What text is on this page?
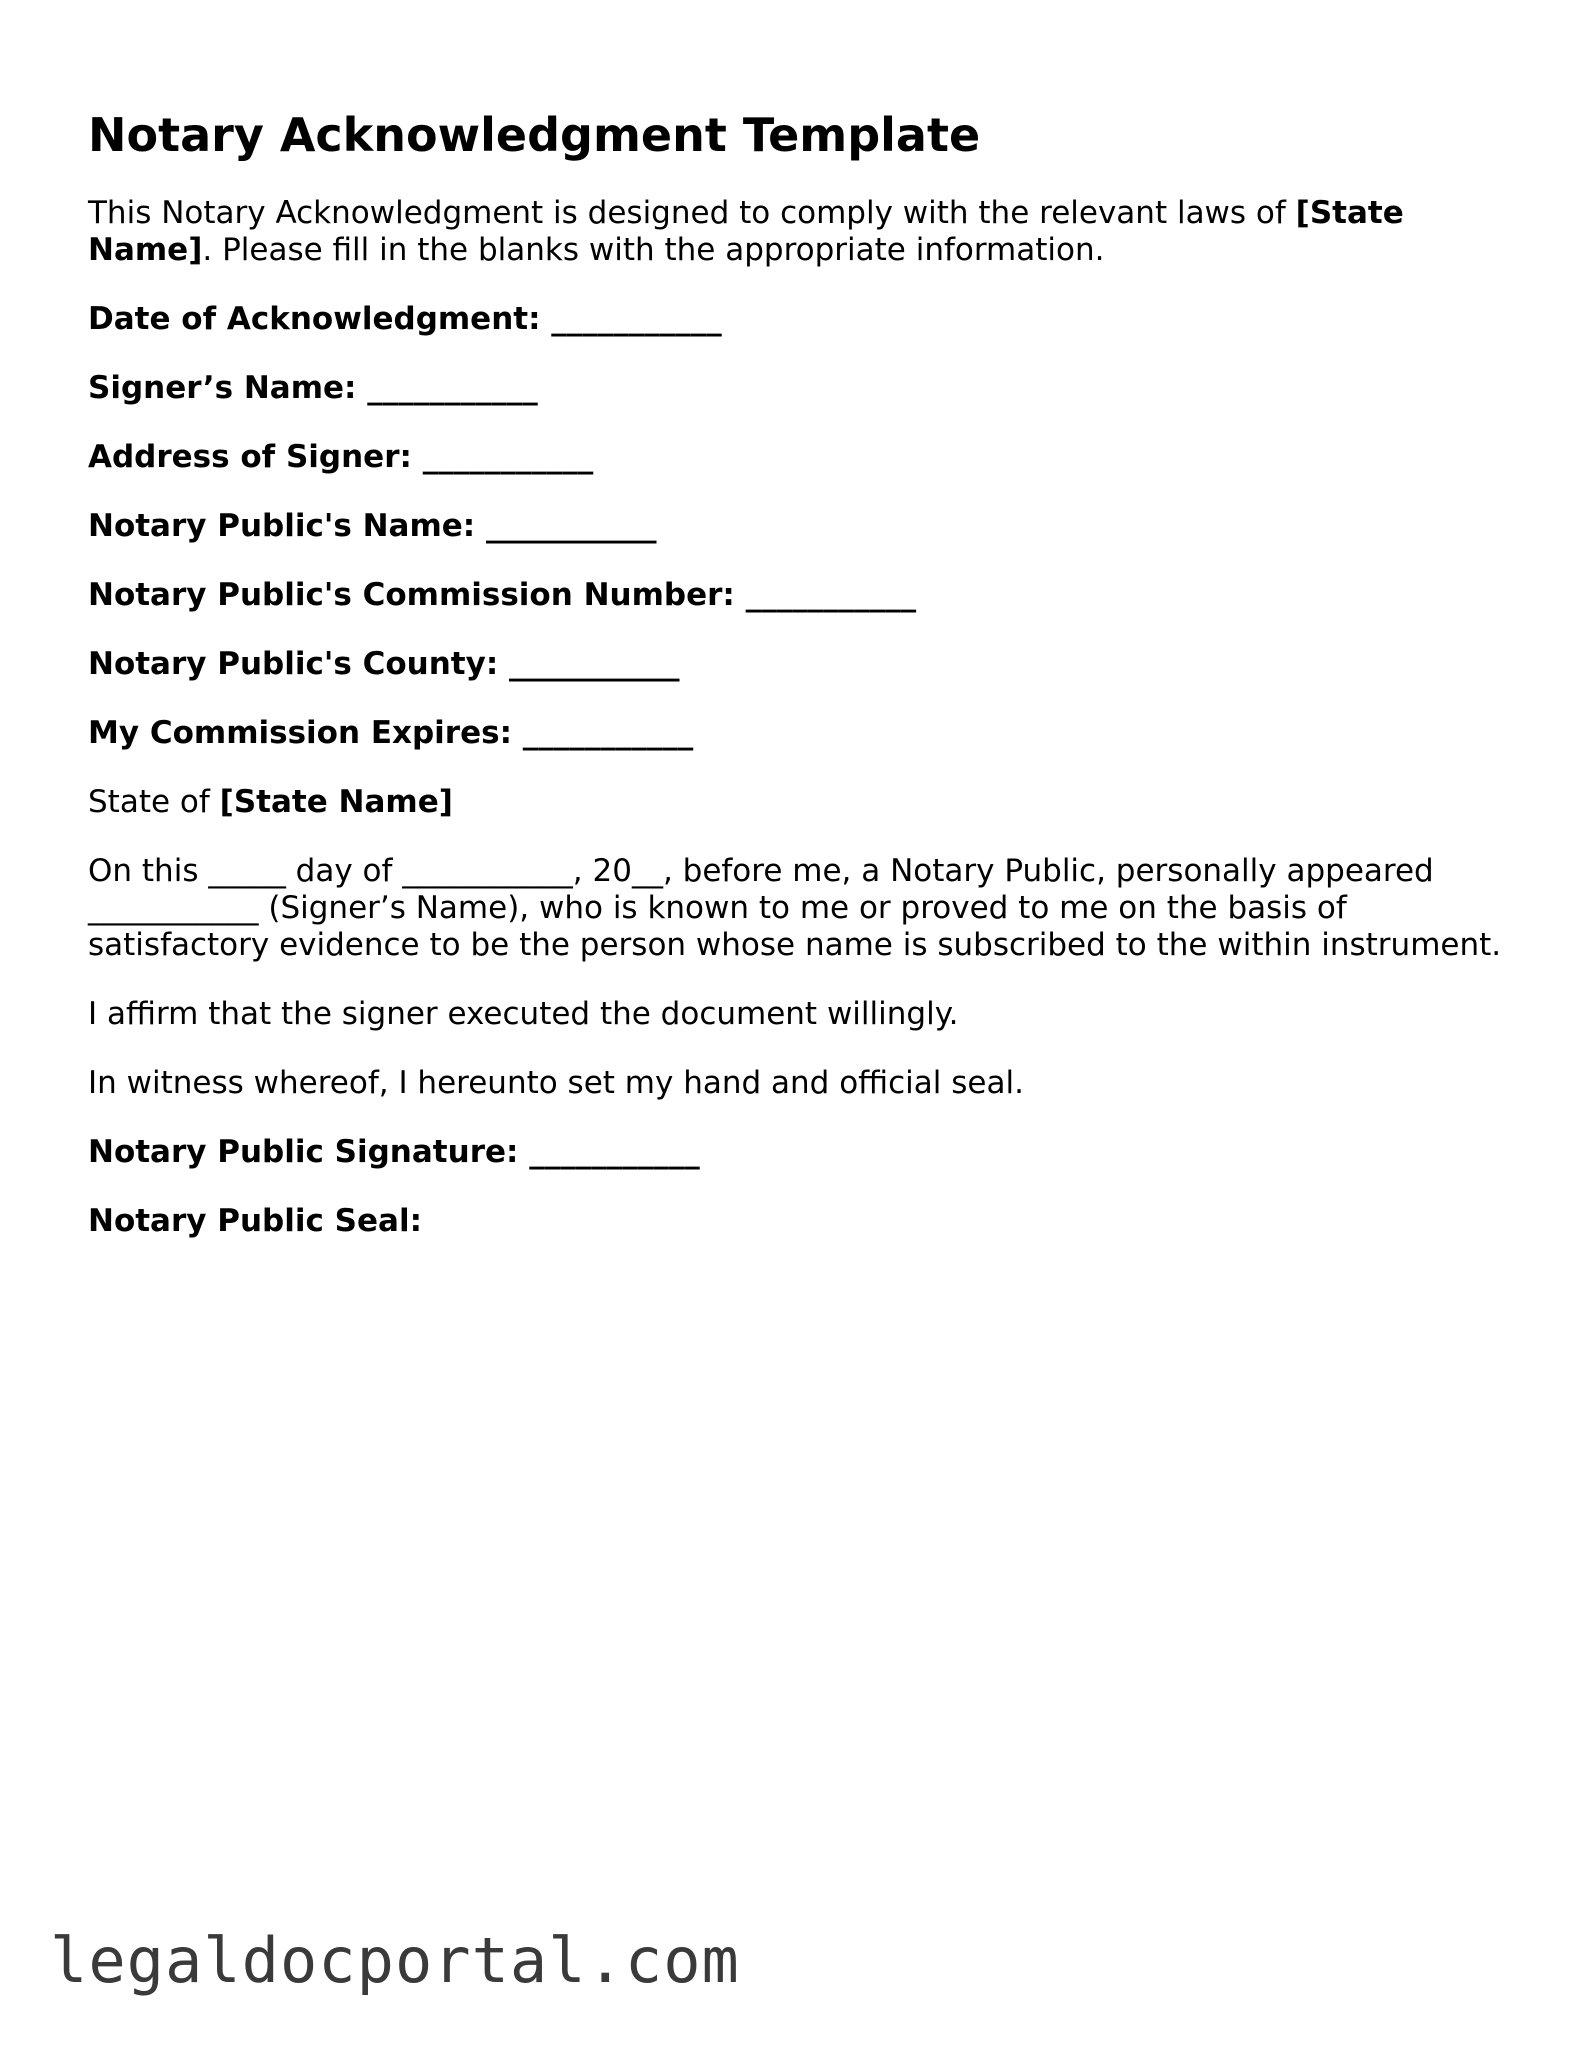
Notary Acknowledgment Template

This Notary Acknowledgment is designed to comply with the relevant laws of [State Name]. Please fill in the blanks with the appropriate information.

Date of Acknowledgment: ___________
Signer’s Name: ___________
Address of Signer: ___________
Notary Public's Name: ___________
Notary Public's Commission Number: ___________
Notary Public's County: ___________
My Commission Expires: ___________

State of [State Name]

On this _____ day of ___________, 20__, before me, a Notary Public, personally appeared ___________ (Signer’s Name), who is known to me or proved to me on the basis of satisfactory evidence to be the person whose name is subscribed to the within instrument.

I affirm that the signer executed the document willingly.

In witness whereof, I hereunto set my hand and official seal.

Notary Public Signature: ___________
Notary Public Seal:
legaldocportal.com
